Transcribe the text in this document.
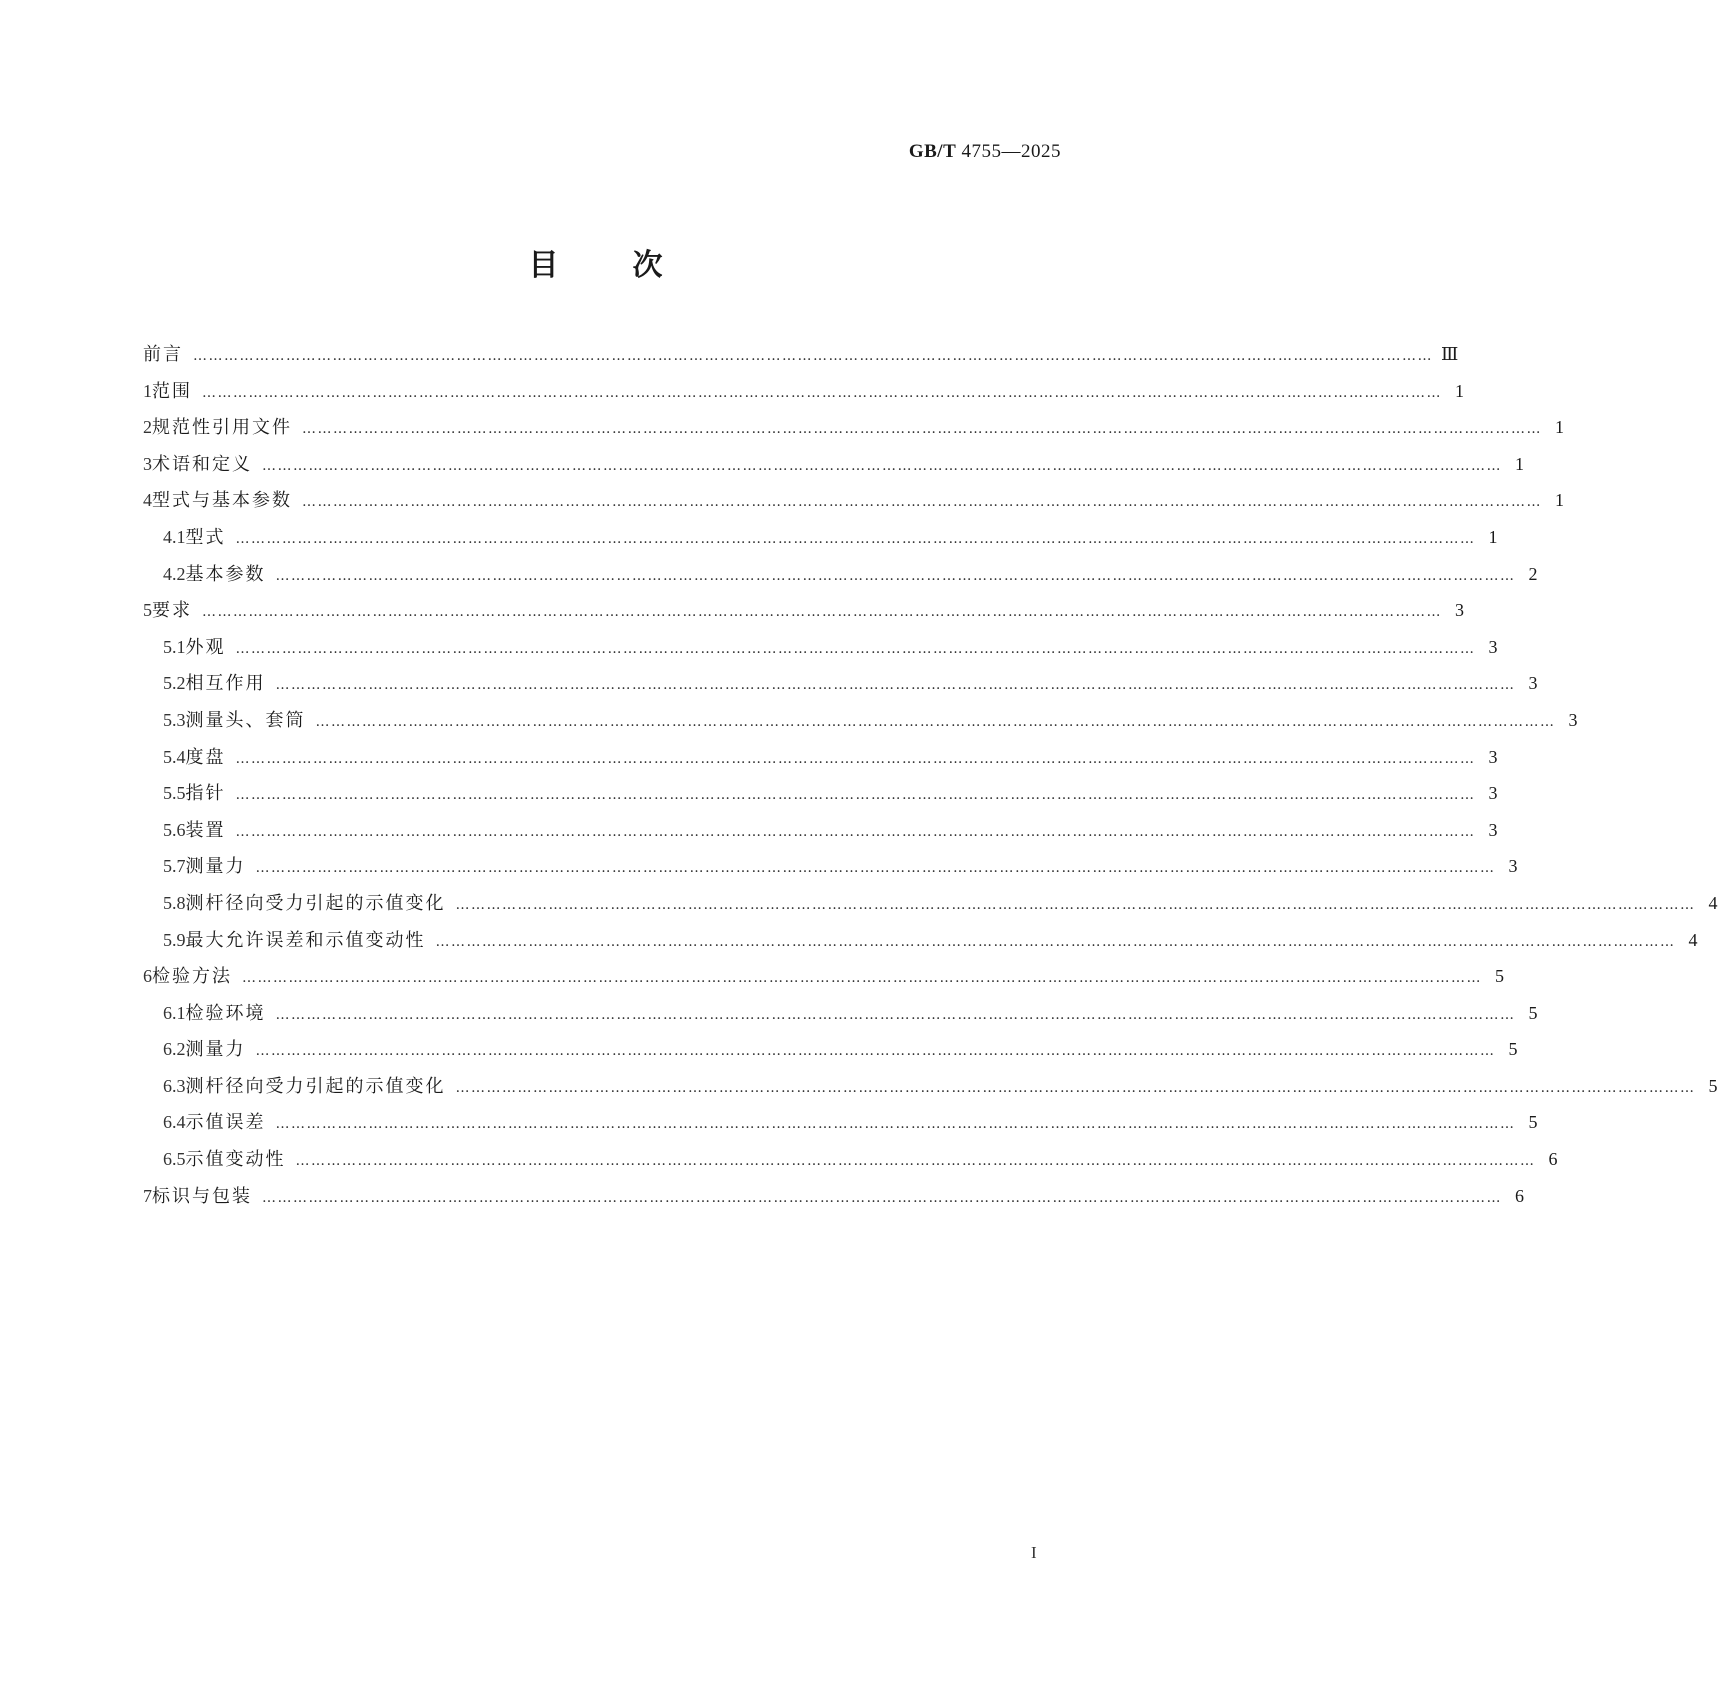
GB/T 4755—2025
目 次
前言 …………………………………………………………………………………………………………………………………………………………………………………………………………………… Ⅲ
1 范围 …………………………………………………………………………………………………………………………………………………………………………………………………………………… 1
2 规范性引用文件 …………………………………………………………………………………………………………………………………………………………………………………………………………………… 1
3 术语和定义 …………………………………………………………………………………………………………………………………………………………………………………………………………………… 1
4 型式与基本参数 …………………………………………………………………………………………………………………………………………………………………………………………………………………… 1
4.1 型式 …………………………………………………………………………………………………………………………………………………………………………………………………………………… 1
4.2 基本参数 …………………………………………………………………………………………………………………………………………………………………………………………………………………… 2
5 要求 …………………………………………………………………………………………………………………………………………………………………………………………………………………… 3
5.1 外观 …………………………………………………………………………………………………………………………………………………………………………………………………………………… 3
5.2 相互作用 …………………………………………………………………………………………………………………………………………………………………………………………………………………… 3
5.3 测量头、套筒 …………………………………………………………………………………………………………………………………………………………………………………………………………………… 3
5.4 度盘 …………………………………………………………………………………………………………………………………………………………………………………………………………………… 3
5.5 指针 …………………………………………………………………………………………………………………………………………………………………………………………………………………… 3
5.6 装置 …………………………………………………………………………………………………………………………………………………………………………………………………………………… 3
5.7 测量力 …………………………………………………………………………………………………………………………………………………………………………………………………………………… 3
5.8 测杆径向受力引起的示值变化 …………………………………………………………………………………………………………………………………………………………………………………………………………………… 4
5.9 最大允许误差和示值变动性 …………………………………………………………………………………………………………………………………………………………………………………………………………………… 4
6 检验方法 …………………………………………………………………………………………………………………………………………………………………………………………………………………… 5
6.1 检验环境 …………………………………………………………………………………………………………………………………………………………………………………………………………………… 5
6.2 测量力 …………………………………………………………………………………………………………………………………………………………………………………………………………………… 5
6.3 测杆径向受力引起的示值变化 …………………………………………………………………………………………………………………………………………………………………………………………………………………… 5
6.4 示值误差 …………………………………………………………………………………………………………………………………………………………………………………………………………………… 5
6.5 示值变动性 …………………………………………………………………………………………………………………………………………………………………………………………………………………… 6
7 标识与包装 …………………………………………………………………………………………………………………………………………………………………………………………………………………… 6
I
